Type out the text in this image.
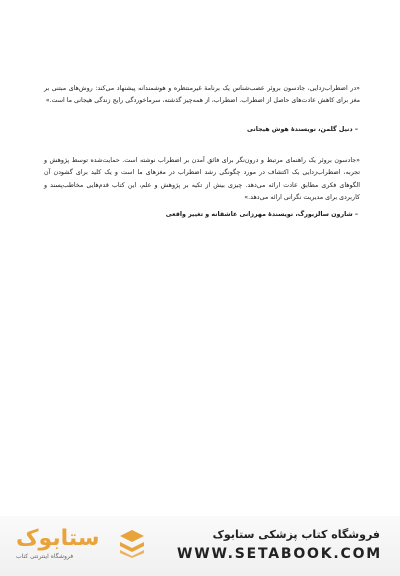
«در اضطراب‌زدایی، جادسون بروئر عصب‌شناس یک برنامهٔ غیرمنتظره و هوشمندانه پیشنهاد می‌کند: روش‌های مبتنی بر مغز برای کاهش عادت‌های حاصل از اضطراب. اضطراب، از همه‌چیز گذشته، سرماخوردگی رایج زندگی هیجانی ما است.»

– دنیل گلمن، نویسندهٔ هوش هیجانی

«جادسون بروئر یک راهنمای مرتبط و درون‌نگر برای فائق آمدن بر اضطراب نوشته است. حمایت‌شده توسط پژوهش و تجربه، اضطراب‌زدایی یک اکتشاف در مورد چگونگی رشد اضطراب در مغزهای ما است و یک کلید برای گشودن آن الگوهای فکری مطابق عادت ارائه می‌دهد. چیزی بیش از تکیه بر پژوهش و علم، این کتاب قدم‌هایی مخاطب‌پسند و کاربردی برای مدیریت نگرانی ارائه می‌دهد.»

– شارون سالزبورگ، نویسندهٔ مهرزانی عاشقانه و تغییر واقعی
ستابوک
فروشگاه اینترنتی کتاب
فروشگاه کتاب پزشکی ستابوک
WWW.SETABOOK.COM
